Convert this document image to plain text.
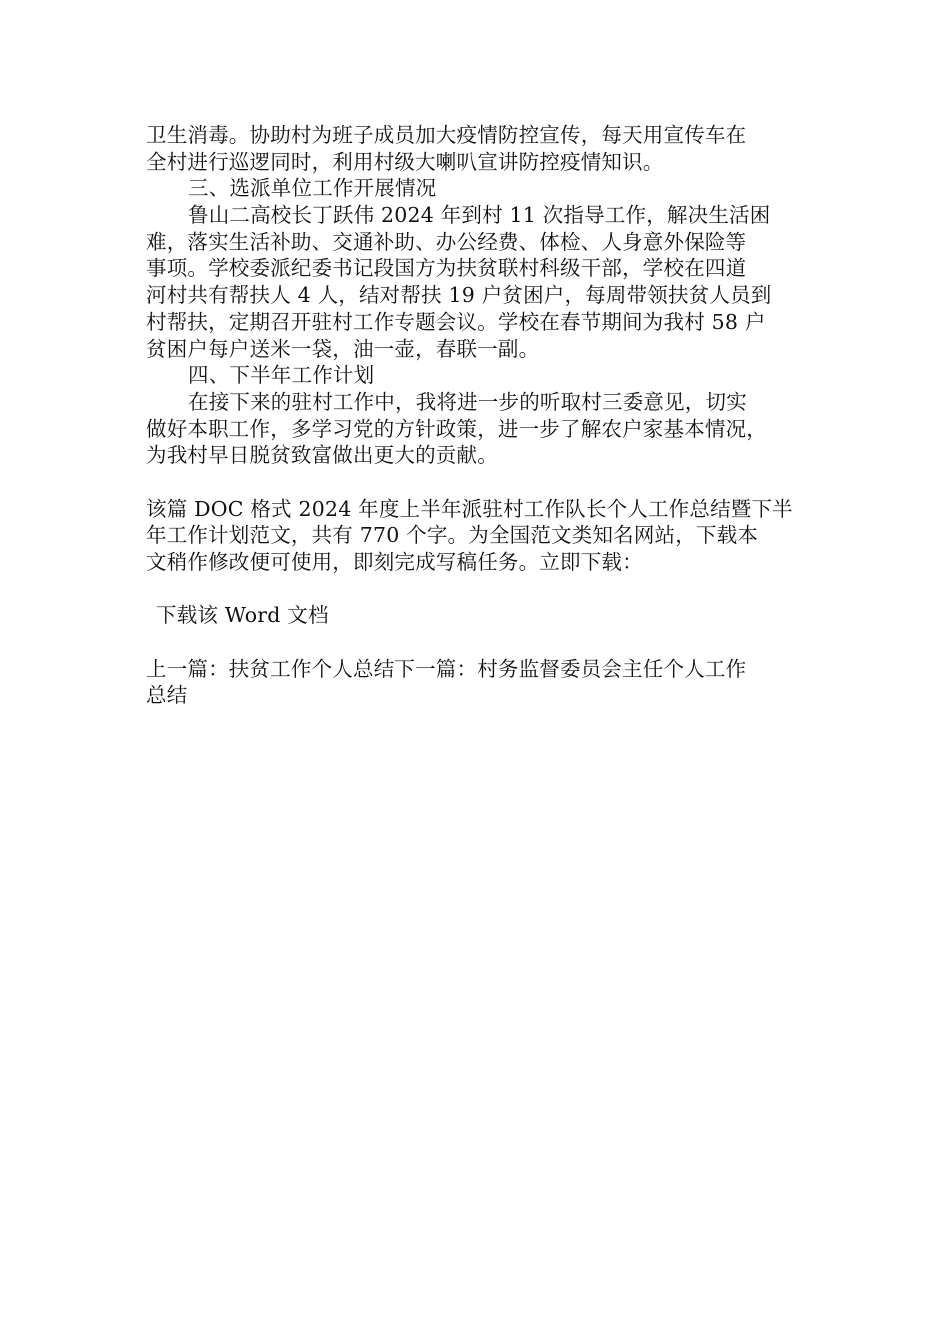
卫生消毒。协助村为班子成员加大疫情防控宣传，每天用宣传车在
全村进行巡逻同时，利用村级大喇叭宣讲防控疫情知识。
三、选派单位工作开展情况
鲁山二高校长丁跃伟 2024 年到村 11 次指导工作，解决生活困
难，落实生活补助、交通补助、办公经费、体检、人身意外保险等
事项。学校委派纪委书记段国方为扶贫联村科级干部，学校在四道
河村共有帮扶人 4 人，结对帮扶 19 户贫困户，每周带领扶贫人员到
村帮扶，定期召开驻村工作专题会议。学校在春节期间为我村 58 户
贫困户每户送米一袋，油一壶，春联一副。
四、下半年工作计划
在接下来的驻村工作中，我将进一步的听取村三委意见，切实
做好本职工作，多学习党的方针政策，进一步了解农户家基本情况，
为我村早日脱贫致富做出更大的贡献。
该篇 DOC 格式 2024 年度上半年派驻村工作队长个人工作总结暨下半
年工作计划范文，共有 770 个字。为全国范文类知名网站，下载本
文稍作修改便可使用，即刻完成写稿任务。立即下载：
下载该 Word 文档
上一篇：扶贫工作个人总结下一篇：村务监督委员会主任个人工作
总结
